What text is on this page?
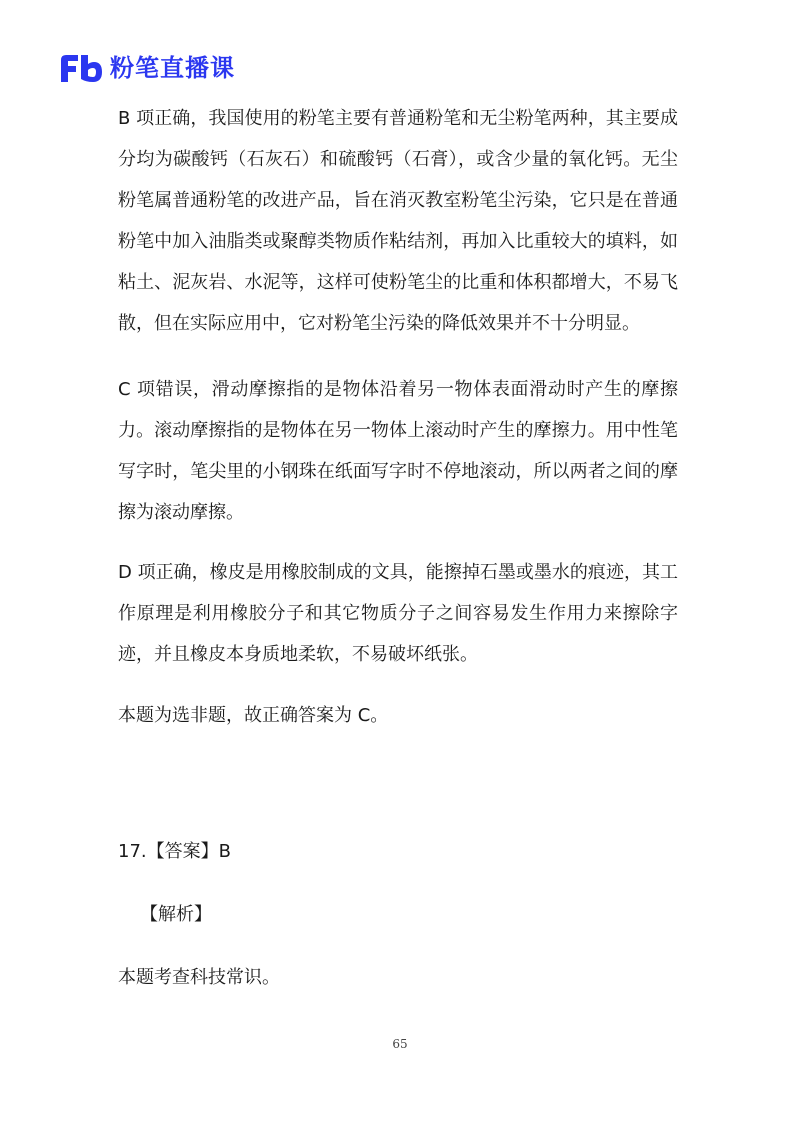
粉笔直播课

B 项正确，我国使用的粉笔主要有普通粉笔和无尘粉笔两种，其主要成分均为碳酸钙（石灰石）和硫酸钙（石膏），或含少量的氧化钙。无尘粉笔属普通粉笔的改进产品，旨在消灭教室粉笔尘污染，它只是在普通粉笔中加入油脂类或聚醇类物质作粘结剂，再加入比重较大的填料，如粘土、泥灰岩、水泥等，这样可使粉笔尘的比重和体积都增大，不易飞散，但在实际应用中，它对粉笔尘污染的降低效果并不十分明显。

C 项错误，滑动摩擦指的是物体沿着另一物体表面滑动时产生的摩擦力。滚动摩擦指的是物体在另一物体上滚动时产生的摩擦力。用中性笔写字时，笔尖里的小钢珠在纸面写字时不停地滚动，所以两者之间的摩擦为滚动摩擦。

D 项正确，橡皮是用橡胶制成的文具，能擦掉石墨或墨水的痕迹，其工作原理是利用橡胶分子和其它物质分子之间容易发生作用力来擦除字迹，并且橡皮本身质地柔软，不易破坏纸张。

本题为选非题，故正确答案为 C。

17.【答案】B

【解析】

本题考查科技常识。

65
